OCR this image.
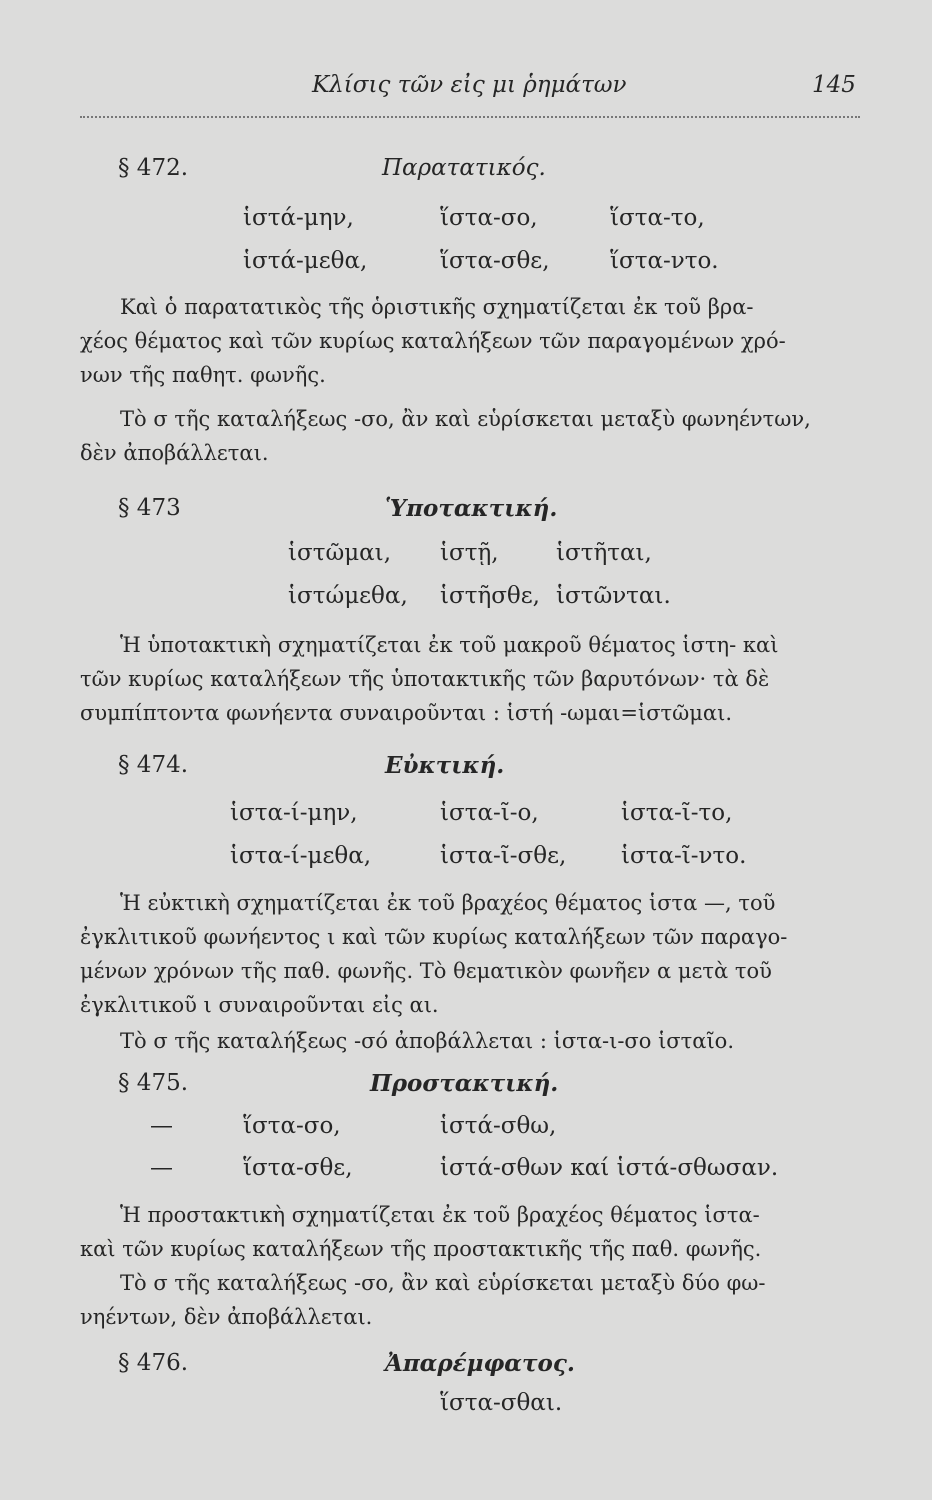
Κλίσις τῶν εἰς μι ῥημάτων	145
§ 472.	Παρατατικός.
ἱστά-μην,	ἵστα-σο,	ἵστα-το,
ἱστά-μεθα,	ἵστα-σθε,	ἵστα-ντο.
Καὶ ὁ παρατατικὸς τῆς ὁριστικῆς σχηματίζεται ἐκ τοῦ βρα-
χέος θέματος καὶ τῶν κυρίως καταλήξεων τῶν παραγομένων χρό-
νων τῆς παθητ. φωνῆς.
Τὸ σ τῆς καταλήξεως -σο, ἂν καὶ εὑρίσκεται μεταξὺ φωνηέντων,
δὲν ἀποβάλλεται.
§ 473	Ὑποτακτική.
ἱστῶμαι, ἱστῇ, ἱστῆται,
ἱστώμεθα, ἱστῆσθε, ἱστῶνται.
Ἡ ὑποτακτικὴ σχηματίζεται ἐκ τοῦ μακροῦ θέματος ἱστη- καὶ
τῶν κυρίως καταλήξεων τῆς ὑποτακτικῆς τῶν βαρυτόνων· τὰ δὲ
συμπίπτοντα φωνήεντα συναιροῦνται : ἱστή -ωμαι=ἱστῶμαι.
§ 474.	Εὐκτική.
ἱστα-ί-μην,	ἱστα-ῖ-ο,	ἱστα-ῖ-το,
ἱστα-ί-μεθα,	ἱστα-ῖ-σθε, ἱστα-ῖ-ντο.
Ἡ εὐκτικὴ σχηματίζεται ἐκ τοῦ βραχέος θέματος ἱστα —, τοῦ
ἐγκλιτικοῦ φωνήεντος ι καὶ τῶν κυρίως καταλήξεων τῶν παραγο-
μένων χρόνων τῆς παθ. φωνῆς. Τὸ θεματικὸν φωνῆεν α μετὰ τοῦ
ἐγκλιτικοῦ ι συναιροῦνται εἰς αι.
Τὸ σ τῆς καταλήξεως -σό ἀποβάλλεται : ἱστα-ι-σο ἱσταῖο.
§ 475.	Προστακτική.
—	ἵστα-σο,	ἱστά-σθω,
—	ἵστα-σθε,	ἱστά-σθων καί ἱστά-σθωσαν.
Ἡ προστακτικὴ σχηματίζεται ἐκ τοῦ βραχέος θέματος ἱστα-
καὶ τῶν κυρίως καταλήξεων τῆς προστακτικῆς τῆς παθ. φωνῆς.
Τὸ σ τῆς καταλήξεως -σο, ἂν καὶ εὑρίσκεται μεταξὺ δύο φω-
νηέντων, δὲν ἀποβάλλεται.
§ 476.	Ἀπαρέμφατος.
ἵστα-σθαι.
